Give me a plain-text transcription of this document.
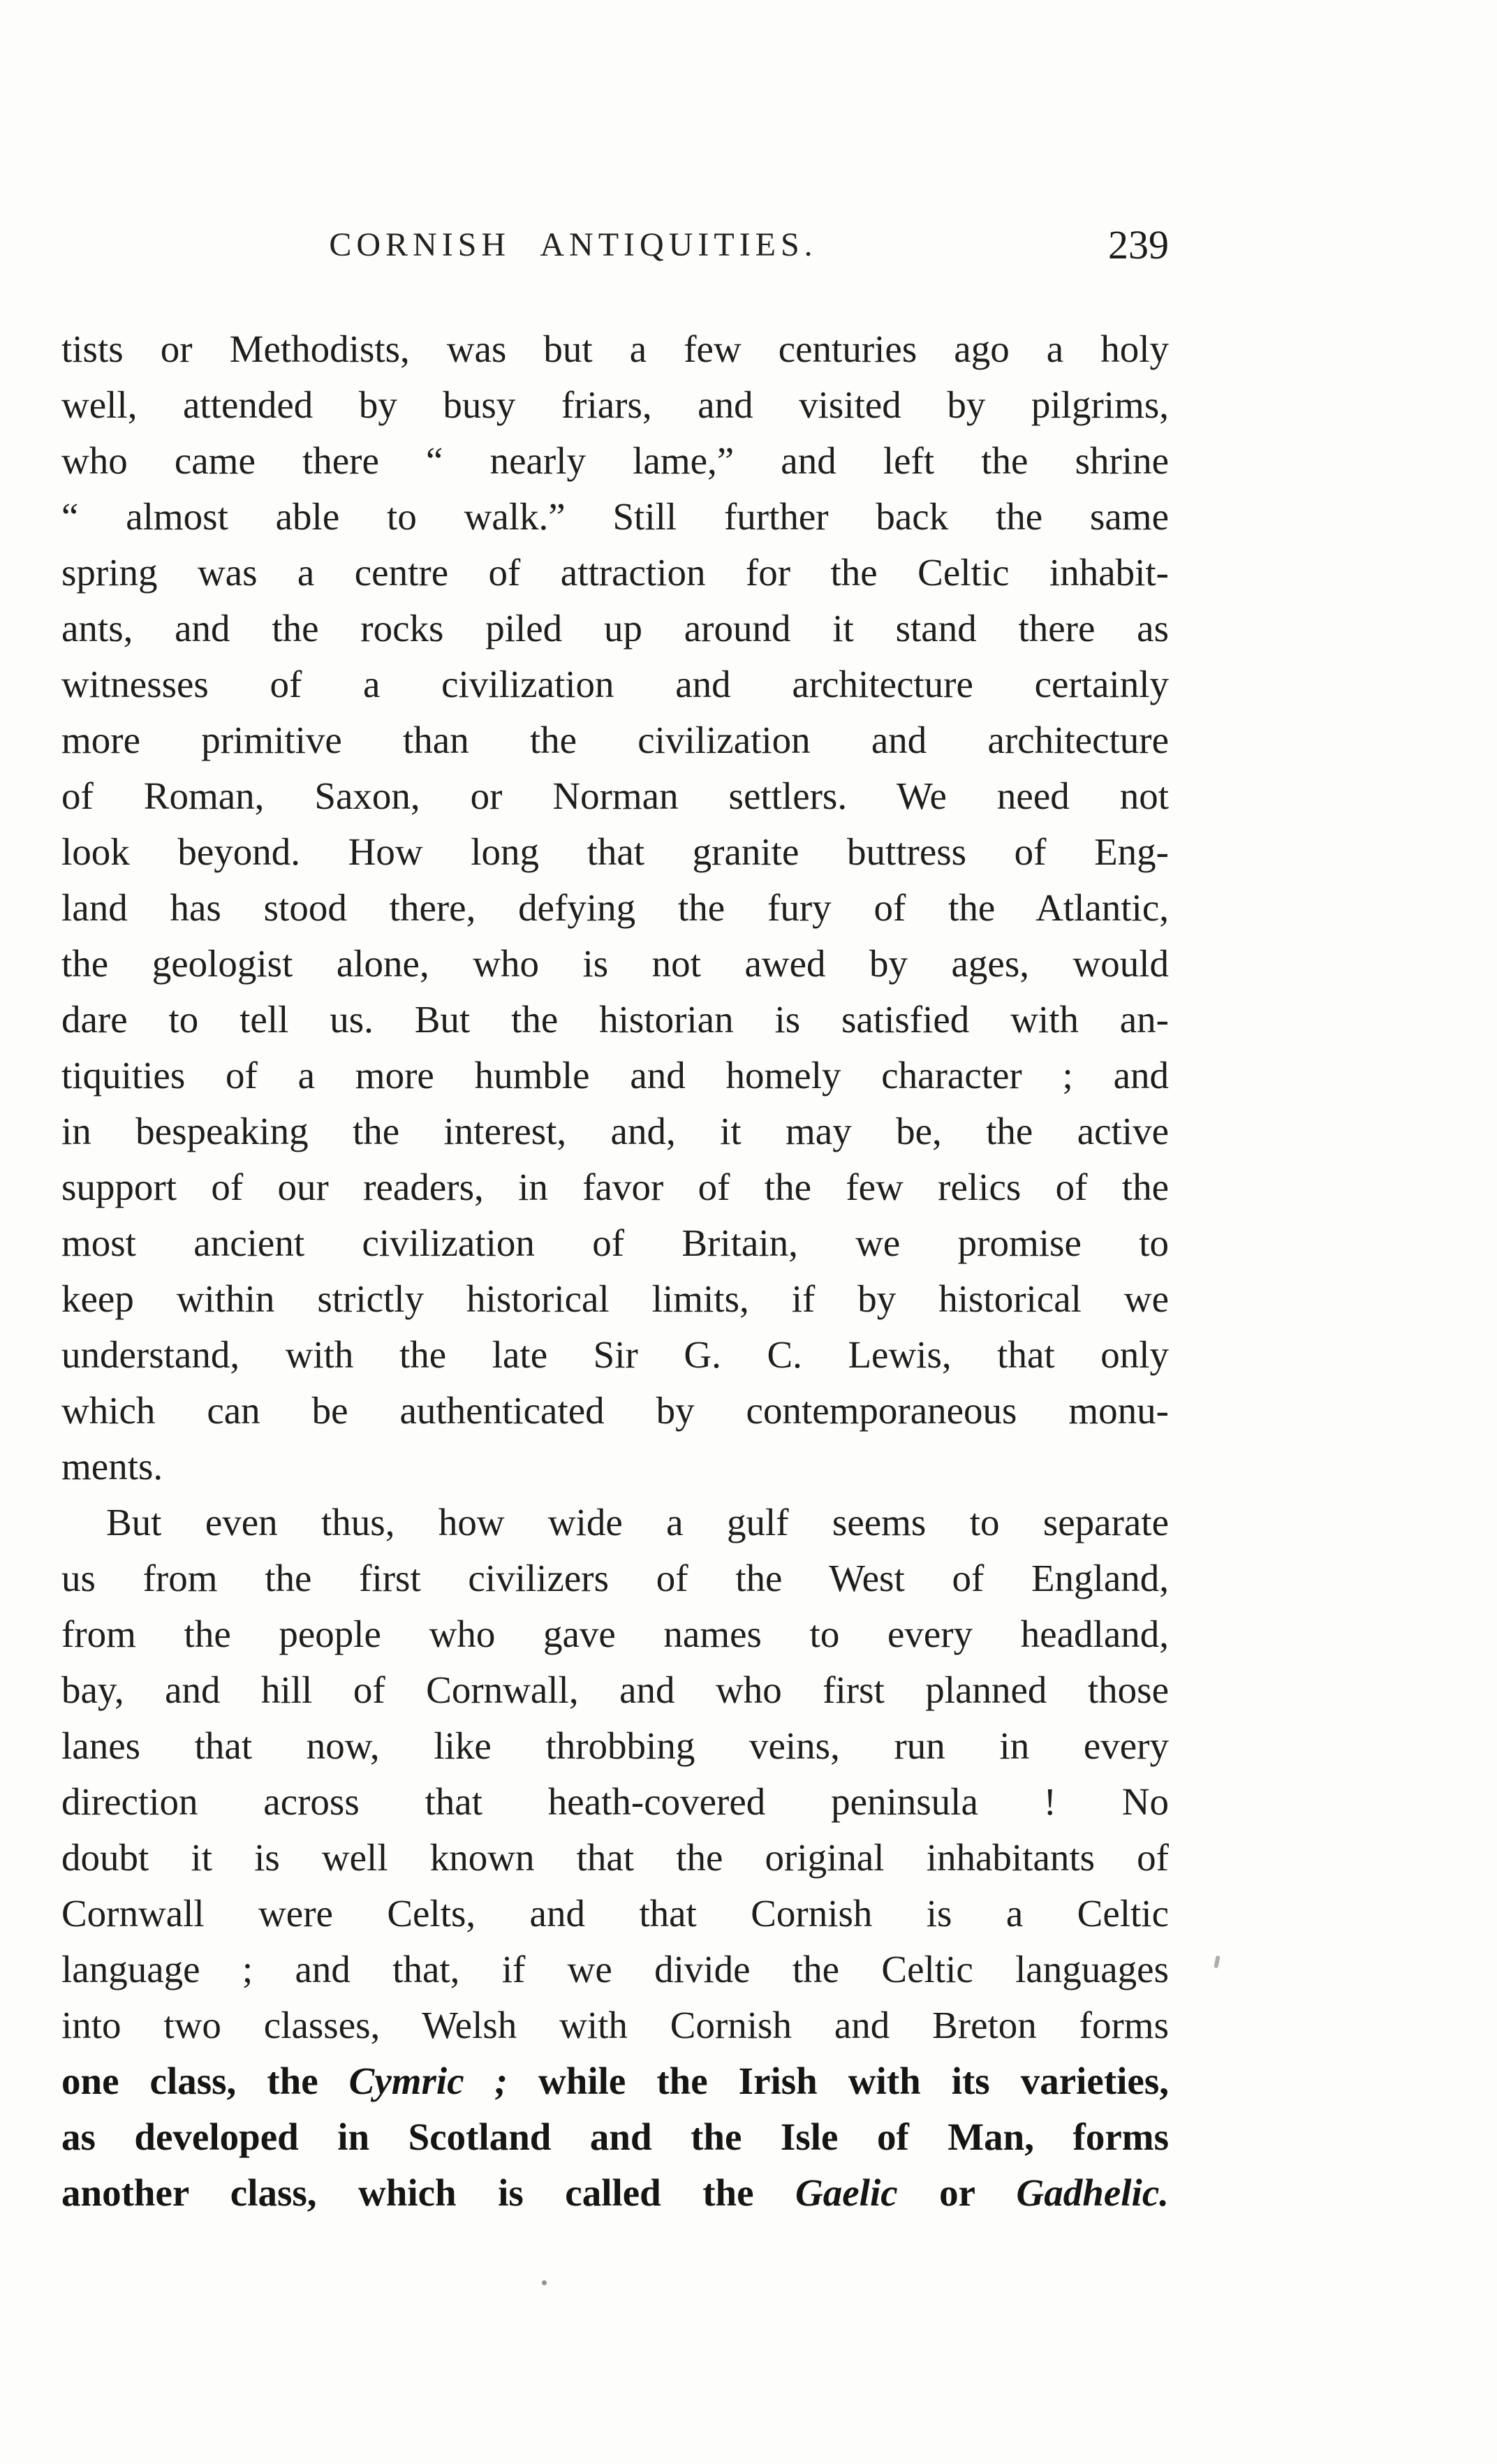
CORNISH ANTIQUITIES.	239
tists or Methodists, was but a few centuries ago a holy
well, attended by busy friars, and visited by pilgrims,
who came there “ nearly lame,” and left the shrine
“ almost able to walk.” Still further back the same
spring was a centre of attraction for the Celtic inhabit-
ants, and the rocks piled up around it stand there as
witnesses of a civilization and architecture certainly
more primitive than the civilization and architecture
of Roman, Saxon, or Norman settlers. We need not
look beyond. How long that granite buttress of Eng-
land has stood there, defying the fury of the Atlantic,
the geologist alone, who is not awed by ages, would
dare to tell us. But the historian is satisfied with an-
tiquities of a more humble and homely character ; and
in bespeaking the interest, and, it may be, the active
support of our readers, in favor of the few relics of the
most ancient civilization of Britain, we promise to
keep within strictly historical limits, if by historical we
understand, with the late Sir G. C. Lewis, that only
which can be authenticated by contemporaneous monu-
ments.
But even thus, how wide a gulf seems to separate
us from the first civilizers of the West of England,
from the people who gave names to every headland,
bay, and hill of Cornwall, and who first planned those
lanes that now, like throbbing veins, run in every
direction across that heath-covered peninsula ! No
doubt it is well known that the original inhabitants of
Cornwall were Celts, and that Cornish is a Celtic
language ; and that, if we divide the Celtic languages
into two classes, Welsh with Cornish and Breton forms
one class, the Cymric ; while the Irish with its varieties,
as developed in Scotland and the Isle of Man, forms
another class, which is called the Gaelic or Gadhelic.
